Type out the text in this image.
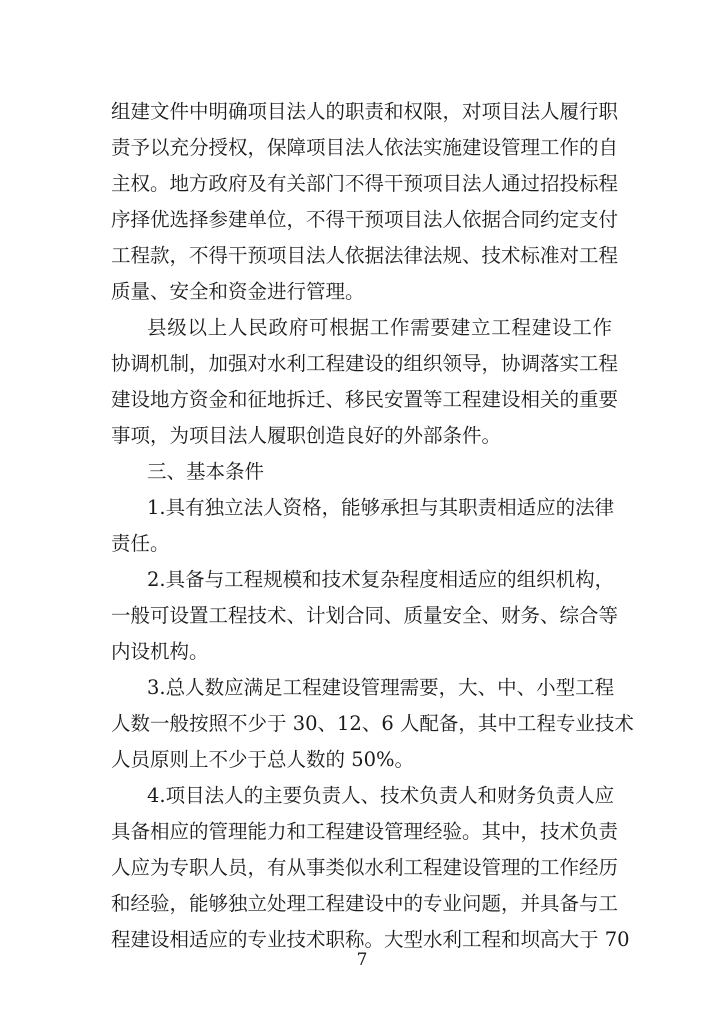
组建文件中明确项目法人的职责和权限，对项目法人履行职
责予以充分授权，保障项目法人依法实施建设管理工作的自
主权。地方政府及有关部门不得干预项目法人通过招投标程
序择优选择参建单位，不得干预项目法人依据合同约定支付
工程款，不得干预项目法人依据法律法规、技术标准对工程
质量、安全和资金进行管理。
县级以上人民政府可根据工作需要建立工程建设工作
协调机制，加强对水利工程建设的组织领导，协调落实工程
建设地方资金和征地拆迁、移民安置等工程建设相关的重要
事项，为项目法人履职创造良好的外部条件。
三、基本条件
1.具有独立法人资格，能够承担与其职责相适应的法律
责任。
2.具备与工程规模和技术复杂程度相适应的组织机构，
一般可设置工程技术、计划合同、质量安全、财务、综合等
内设机构。
3.总人数应满足工程建设管理需要，大、中、小型工程
人数一般按照不少于 30、12、6 人配备，其中工程专业技术
人员原则上不少于总人数的 50%。
4.项目法人的主要负责人、技术负责人和财务负责人应
具备相应的管理能力和工程建设管理经验。其中，技术负责
人应为专职人员，有从事类似水利工程建设管理的工作经历
和经验，能够独立处理工程建设中的专业问题，并具备与工
程建设相适应的专业技术职称。大型水利工程和坝高大于 70
7
